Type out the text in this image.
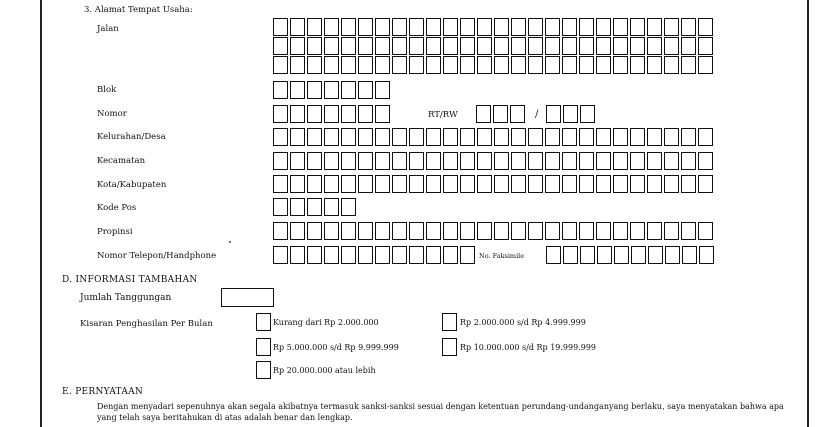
3. Alamat Tempat Usaha:
Jalan
Blok
Nomor	RT/RW	/
Kelurahan/Desa
Kecamatan
Kota/Kabupaten
Kode Pos
Propinsi
Nomor Telepon/Handphone	No. Faksimile
D. INFORMASI TAMBAHAN
Jumlah Tanggungan
Kisaran Penghasilan Per Bulan	Kurang dari Rp 2.000.000	Rp 2.000.000 s/d Rp 4.999.999
Rp 5.000.000 s/d Rp 9.999.999	Rp 10.000.000 s/d Rp 19.999.999
Rp 20.000.000 atau lebih
E. PERNYATAAN
Dengan menyadari sepenuhnya akan segala akibatnya termasuk sanksi-sanksi sesuai dengan ketentuan perundang-undanganyang berlaku, saya menyatakan bahwa apa yang telah saya beritahukan di atas adalah benar dan lengkap.
